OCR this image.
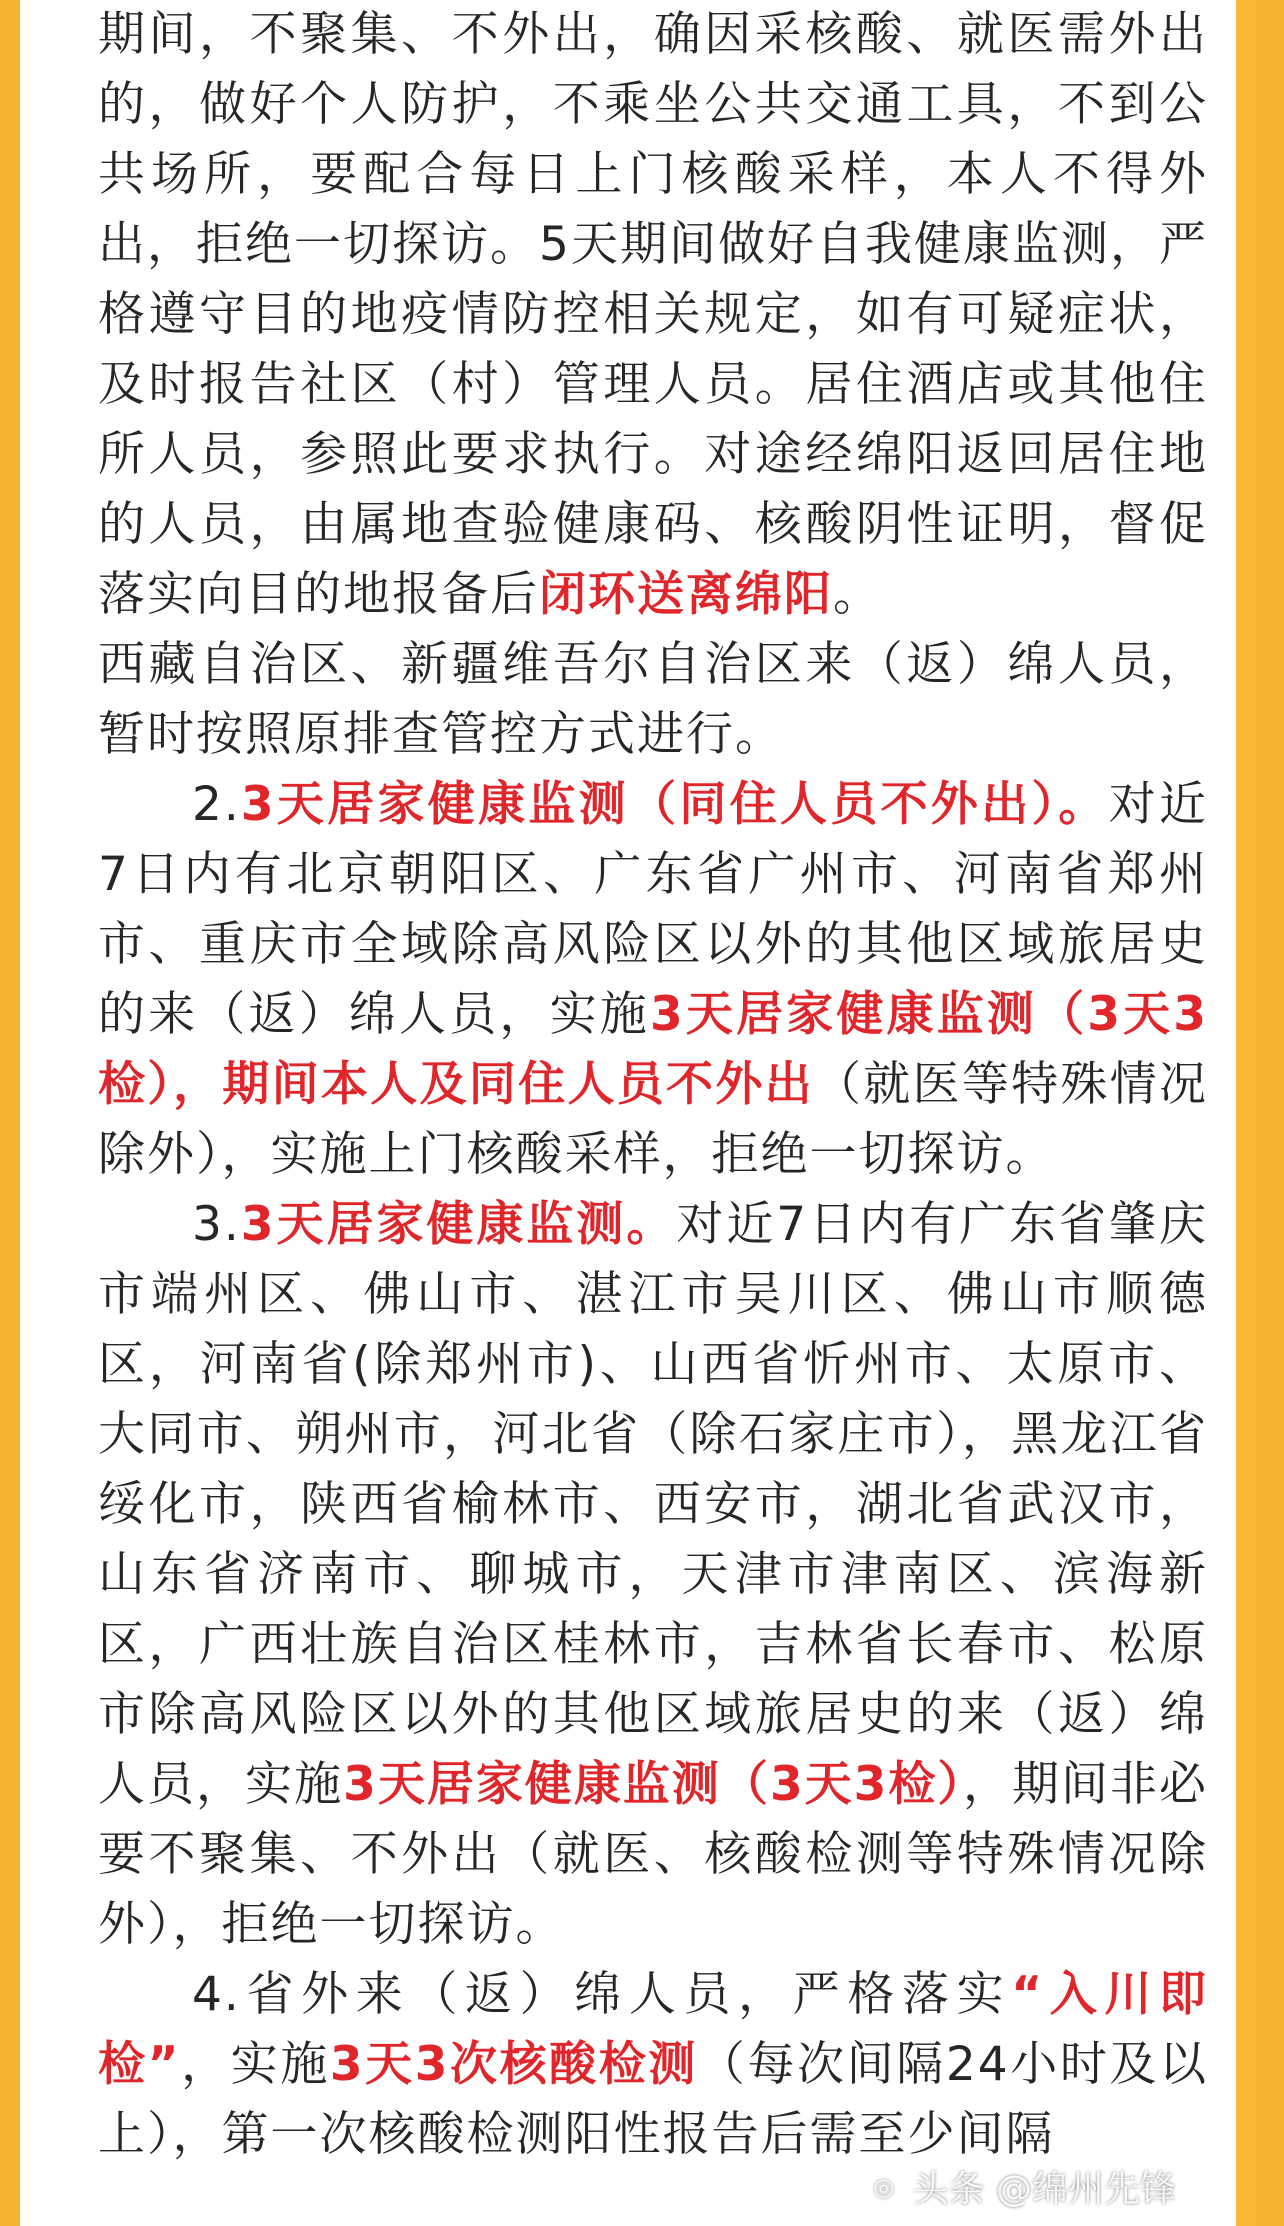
期间，不聚集、不外出，确因采核酸、就医需外出的，做好个人防护，不乘坐公共交通工具，不到公共场所，要配合每日上门核酸采样，本人不得外出，拒绝一切探访。5天期间做好自我健康监测，严格遵守目的地疫情防控相关规定，如有可疑症状，及时报告社区（村）管理人员。居住酒店或其他住所人员，参照此要求执行。对途经绵阳返回居住地的人员，由属地查验健康码、核酸阴性证明，督促落实向目的地报备后闭环送离绵阳。

西藏自治区、新疆维吾尔自治区来（返）绵人员，暂时按照原排查管控方式进行。

2.3天居家健康监测（同住人员不外出）。对近7日内有北京朝阳区、广东省广州市、河南省郑州市、重庆市全域除高风险区以外的其他区域旅居史的来（返）绵人员，实施3天居家健康监测（3天3检），期间本人及同住人员不外出（就医等特殊情况除外），实施上门核酸采样，拒绝一切探访。

3.3天居家健康监测。对近7日内有广东省肇庆市端州区、佛山市、湛江市吴川区、佛山市顺德区，河南省(除郑州市)、山西省忻州市、太原市、大同市、朔州市，河北省（除石家庄市），黑龙江省绥化市，陕西省榆林市、西安市，湖北省武汉市，山东省济南市、聊城市，天津市津南区、滨海新区，广西壮族自治区桂林市，吉林省长春市、松原市除高风险区以外的其他区域旅居史的来（返）绵人员，实施3天居家健康监测（3天3检），期间非必要不聚集、不外出（就医、核酸检测等特殊情况除外），拒绝一切探访。

4.省外来（返）绵人员，严格落实“入川即检”，实施3天3次核酸检测（每次间隔24小时及以上），第一次核酸检测阳性报告后需至少间隔

◎ 头条 @绵州先锋
